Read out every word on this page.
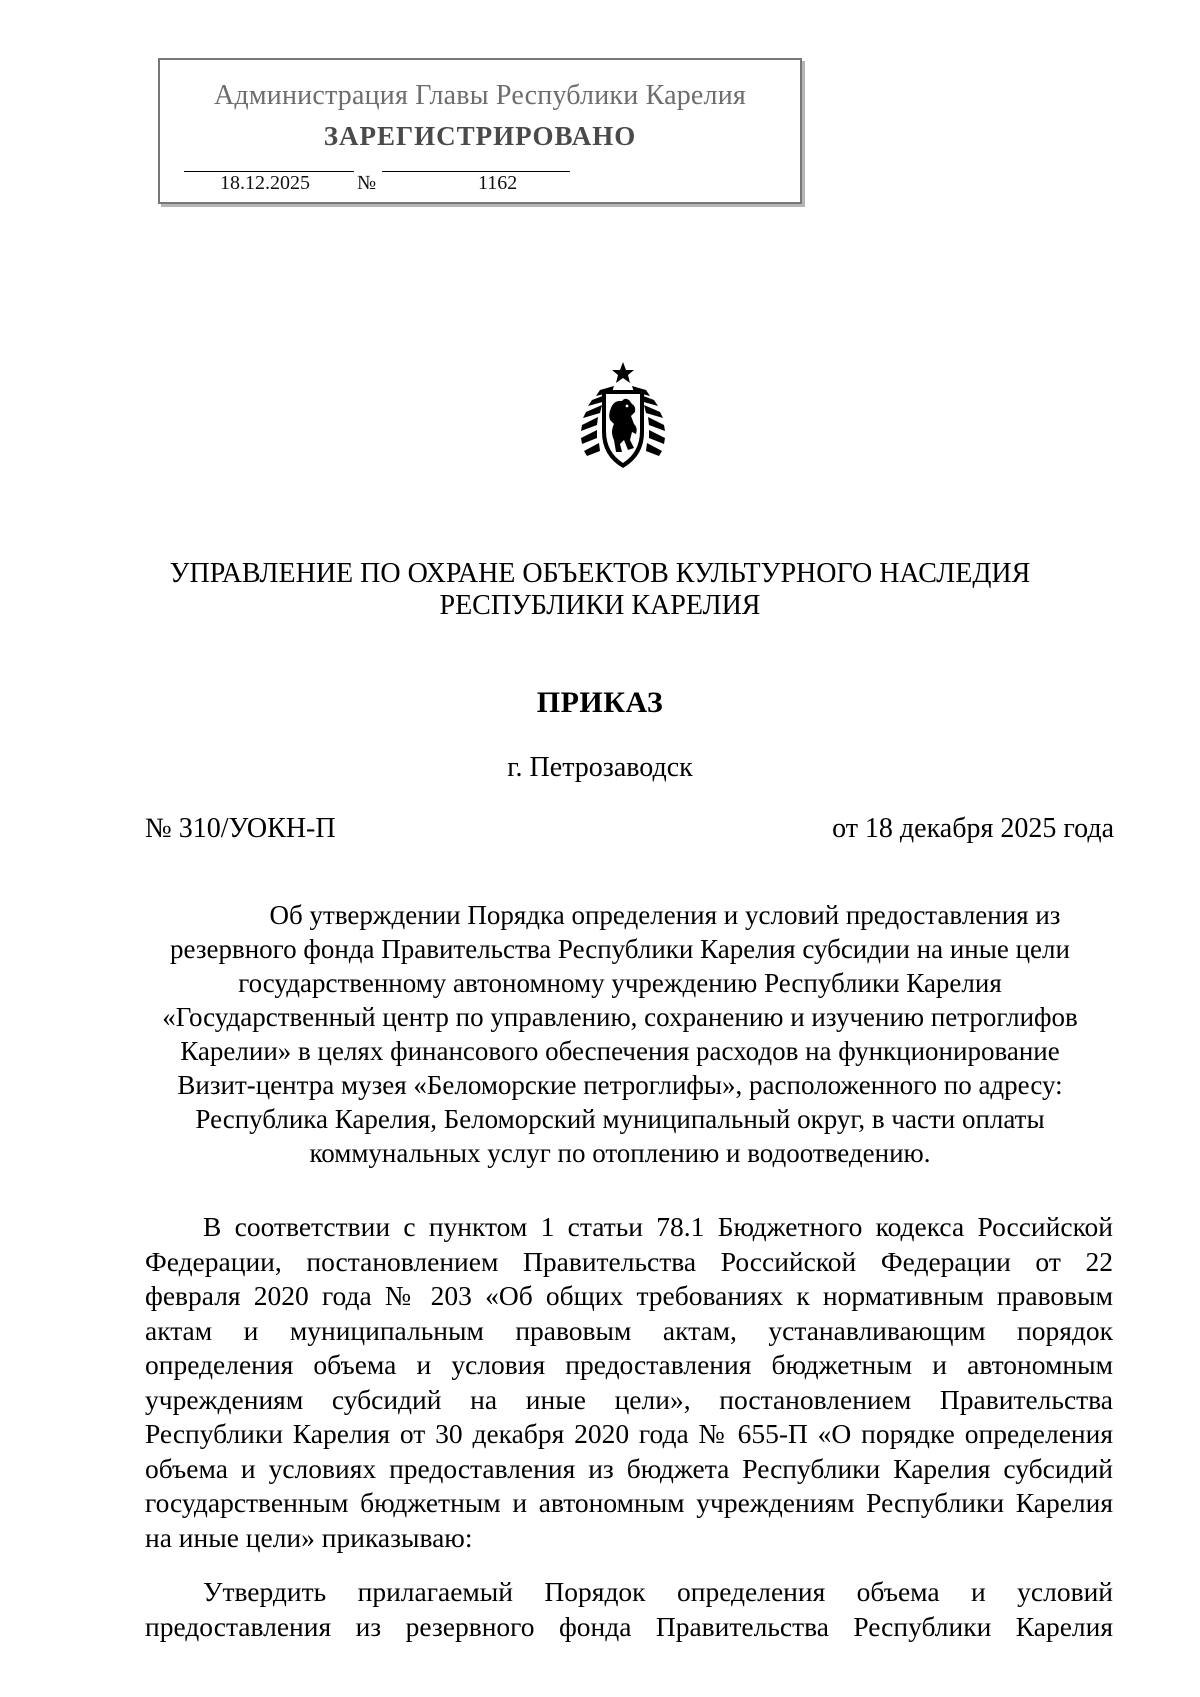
Администрация Главы Республики Карелия
ЗАРЕГИСТРИРОВАНО
18.12.2025 №	1162
УПРАВЛЕНИЕ ПО ОХРАНЕ ОБЪЕКТОВ КУЛЬТУРНОГО НАСЛЕДИЯ
РЕСПУБЛИКИ КАРЕЛИЯ
ПРИКАЗ
г. Петрозаводск
№ 310/УОКН-П	от 18 декабря 2025 года
Об утверждении Порядка определения и условий предоставления из
резервного фонда Правительства Республики Карелия субсидии на иные цели
государственному автономному учреждению Республики Карелия
«Государственный центр по управлению, сохранению и изучению петроглифов
Карелии» в целях финансового обеспечения расходов на функционирование
Визит-центра музея «Беломорские петроглифы», расположенного по адресу:
Республика Карелия, Беломорский муниципальный округ, в части оплаты
коммунальных услуг по отоплению и водоотведению.
В соответствии с пунктом 1 статьи 78.1 Бюджетного кодекса Российской
Федерации, постановлением Правительства Российской Федерации от 22
февраля 2020 года № 203 «Об общих требованиях к нормативным правовым
актам и муниципальным правовым актам, устанавливающим порядок
определения объема и условия предоставления бюджетным и автономным
учреждениям субсидий на иные цели», постановлением Правительства
Республики Карелия от 30 декабря 2020 года № 655-П «О порядке определения
объема и условиях предоставления из бюджета Республики Карелия субсидий
государственным бюджетным и автономным учреждениям Республики Карелия
на иные цели» приказываю:
Утвердить прилагаемый Порядок определения объема и условий
предоставления из резервного фонда Правительства Республики Карелия
